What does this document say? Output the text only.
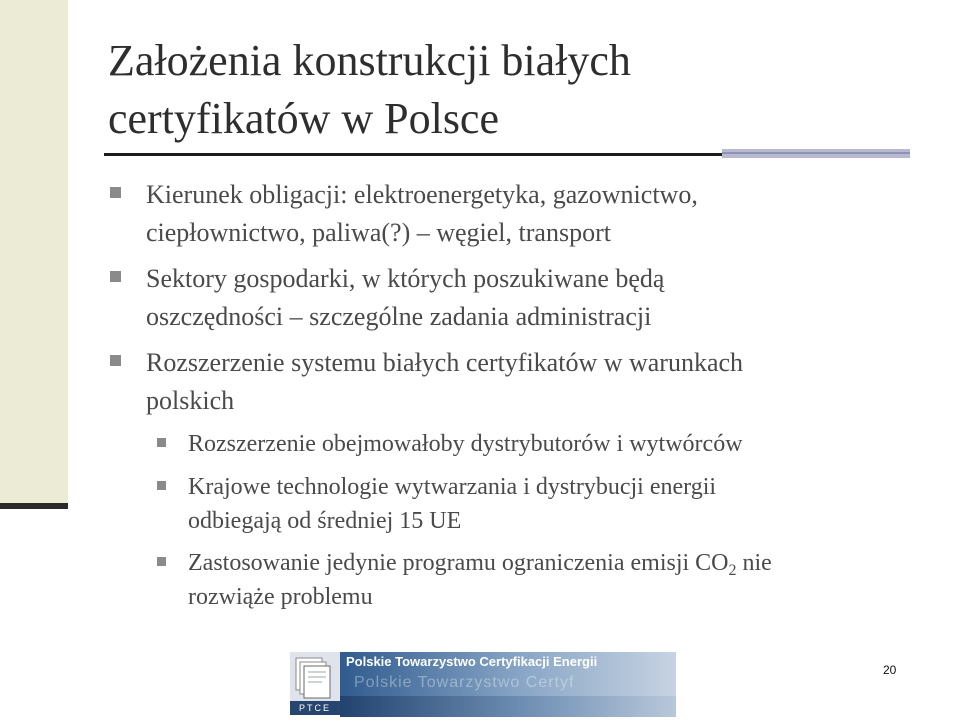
Założenia konstrukcji białych
certyfikatów w Polsce
Kierunek obligacji: elektroenergetyka, gazownictwo,
ciepłownictwo, paliwa(?) – węgiel, transport
Sektory gospodarki, w których poszukiwane będą
oszczędności – szczególne zadania administracji
Rozszerzenie systemu białych certyfikatów w warunkach
polskich
Rozszerzenie obejmowałoby dystrybutorów i wytwórców
Krajowe technologie wytwarzania i dystrybucji energii
odbiegają od średniej 15 UE
Zastosowanie jedynie programu ograniczenia emisji $CO_2$ nie
rozwiąże problemu
PTCE
Polskie Towarzystwo Certyfikacji Energii
Polskie Towarzystwo Certyf
20
